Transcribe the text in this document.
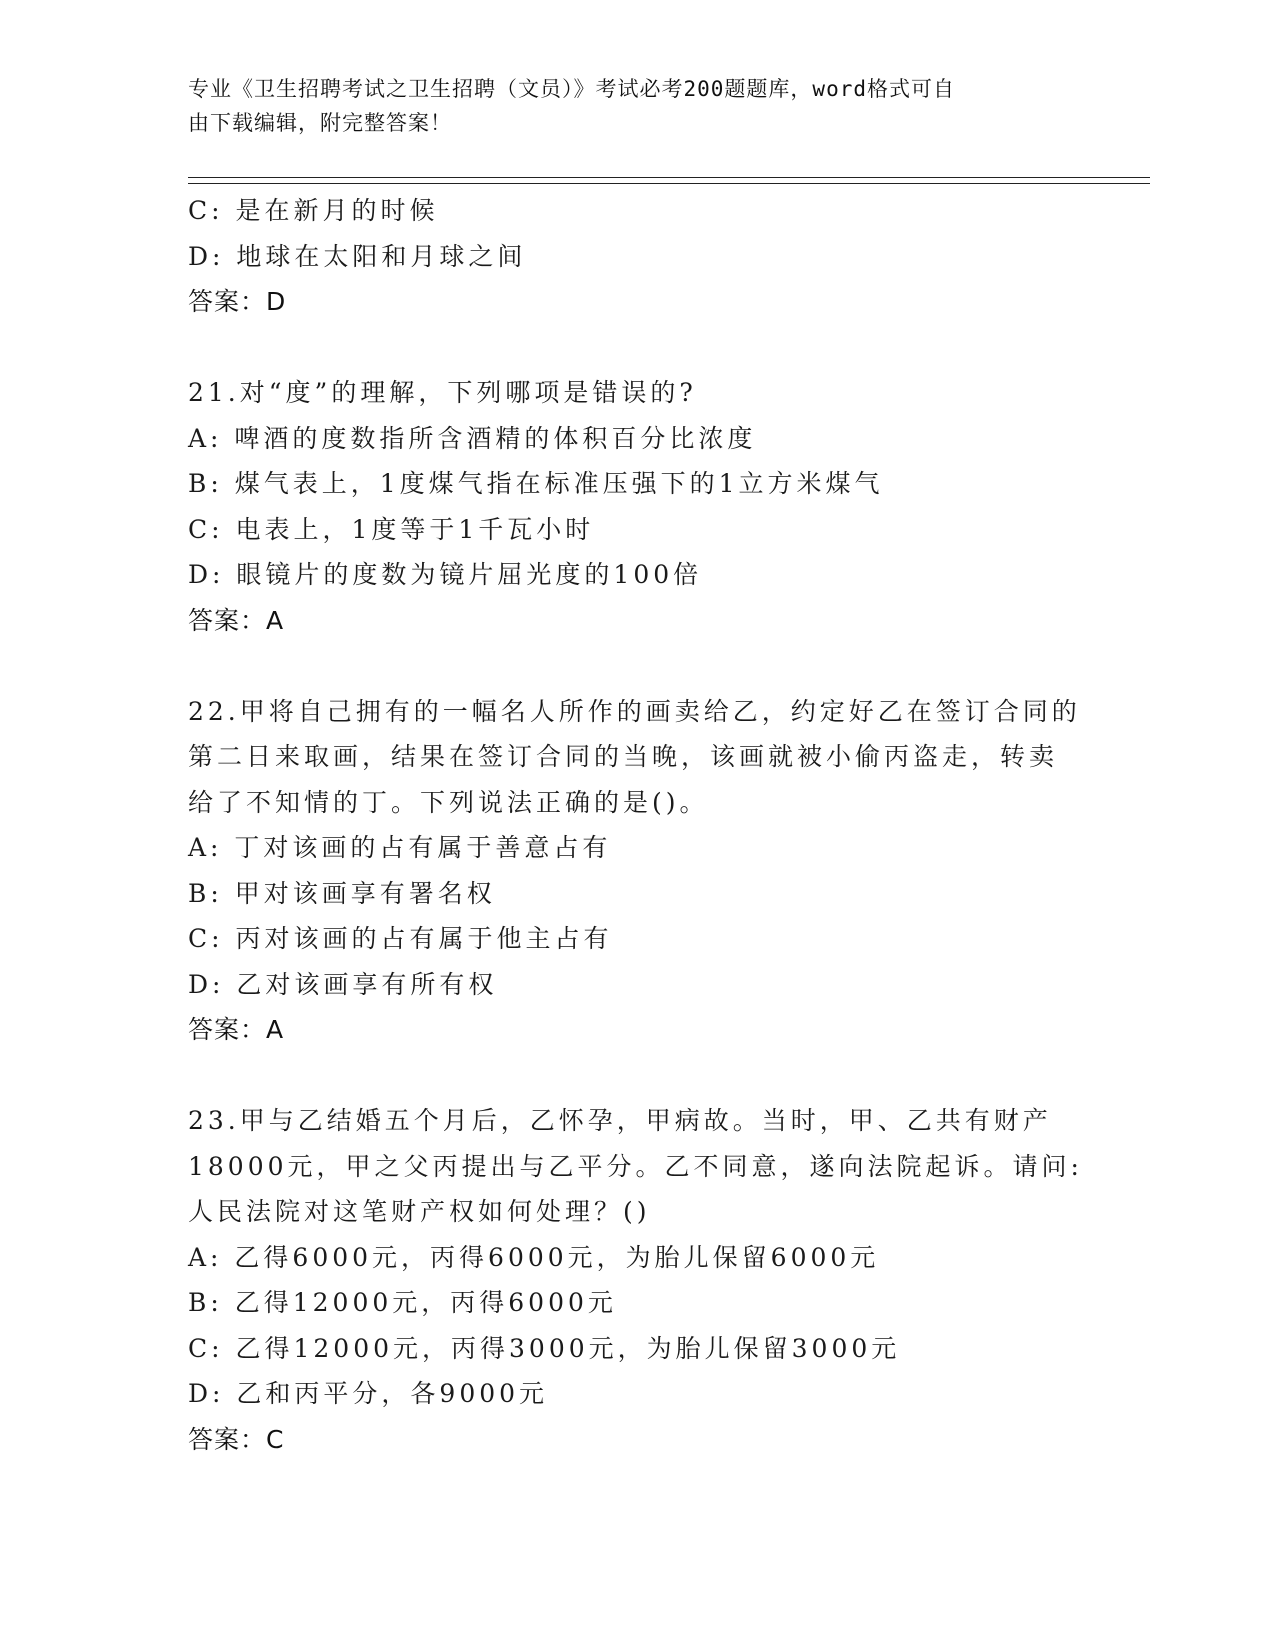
专业《卫生招聘考试之卫生招聘（文员）》考试必考200题题库，word格式可自
由下载编辑，附完整答案！
C: 是在新月的时候
D: 地球在太阳和月球之间
答案：D
21.对“度”的理解，下列哪项是错误的?
A: 啤酒的度数指所含酒精的体积百分比浓度
B: 煤气表上，1度煤气指在标准压强下的1立方米煤气
C: 电表上，1度等于1千瓦小时
D: 眼镜片的度数为镜片屈光度的100倍
答案：A
22.甲将自己拥有的一幅名人所作的画卖给乙，约定好乙在签订合同的
第二日来取画，结果在签订合同的当晚，该画就被小偷丙盗走，转卖
给了不知情的丁。下列说法正确的是()。
A: 丁对该画的占有属于善意占有
B: 甲对该画享有署名权
C: 丙对该画的占有属于他主占有
D: 乙对该画享有所有权
答案：A
23.甲与乙结婚五个月后，乙怀孕，甲病故。当时，甲、乙共有财产
18000元，甲之父丙提出与乙平分。乙不同意，遂向法院起诉。请问:
人民法院对这笔财产权如何处理？()
A: 乙得6000元，丙得6000元，为胎儿保留6000元
B: 乙得12000元，丙得6000元
C: 乙得12000元，丙得3000元，为胎儿保留3000元
D: 乙和丙平分，各9000元
答案：C
